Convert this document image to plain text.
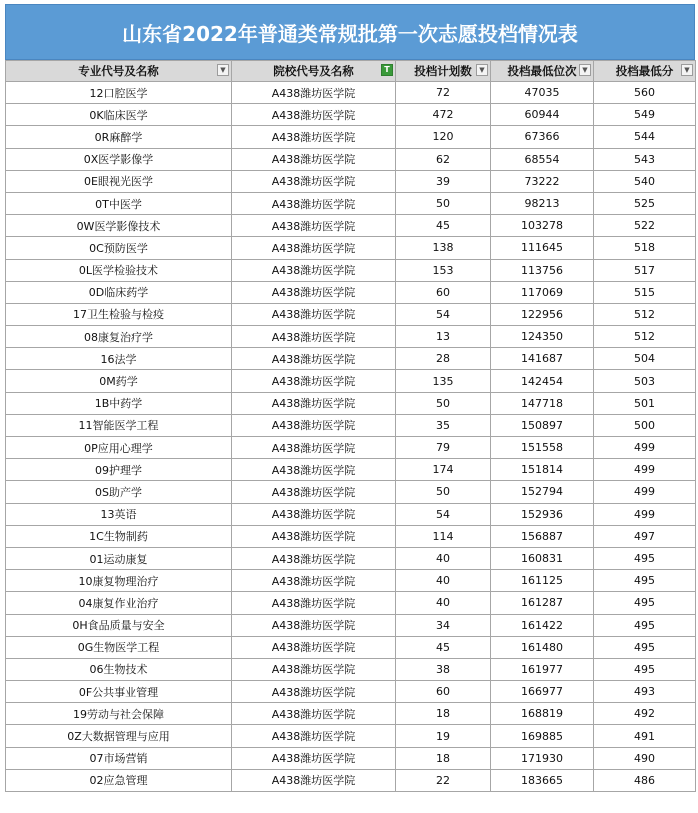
山东省2022年普通类常规批第一次志愿投档情况表
专业代号及名称 ▼	院校代号及名称 T	投档计划数 ▼	投档最低位次 ▼	投档最低分 ▼

12口腔医学	A438潍坊医学院	72	47035	560
0K临床医学	A438潍坊医学院	472	60944	549
0R麻醉学	A438潍坊医学院	120	67366	544
0X医学影像学	A438潍坊医学院	62	68554	543
0E眼视光医学	A438潍坊医学院	39	73222	540
0T中医学	A438潍坊医学院	50	98213	525
0W医学影像技术	A438潍坊医学院	45	103278	522
0C预防医学	A438潍坊医学院	138	111645	518
0L医学检验技术	A438潍坊医学院	153	113756	517
0D临床药学	A438潍坊医学院	60	117069	515
17卫生检验与检疫	A438潍坊医学院	54	122956	512
08康复治疗学	A438潍坊医学院	13	124350	512
16法学	A438潍坊医学院	28	141687	504
0M药学	A438潍坊医学院	135	142454	503
1B中药学	A438潍坊医学院	50	147718	501
11智能医学工程	A438潍坊医学院	35	150897	500
0P应用心理学	A438潍坊医学院	79	151558	499
09护理学	A438潍坊医学院	174	151814	499
0S助产学	A438潍坊医学院	50	152794	499
13英语	A438潍坊医学院	54	152936	499
1C生物制药	A438潍坊医学院	114	156887	497
01运动康复	A438潍坊医学院	40	160831	495
10康复物理治疗	A438潍坊医学院	40	161125	495
04康复作业治疗	A438潍坊医学院	40	161287	495
0H食品质量与安全	A438潍坊医学院	34	161422	495
0G生物医学工程	A438潍坊医学院	45	161480	495
06生物技术	A438潍坊医学院	38	161977	495
0F公共事业管理	A438潍坊医学院	60	166977	493
19劳动与社会保障	A438潍坊医学院	18	168819	492
0Z大数据管理与应用	A438潍坊医学院	19	169885	491
07市场营销	A438潍坊医学院	18	171930	490
02应急管理	A438潍坊医学院	22	183665	486
